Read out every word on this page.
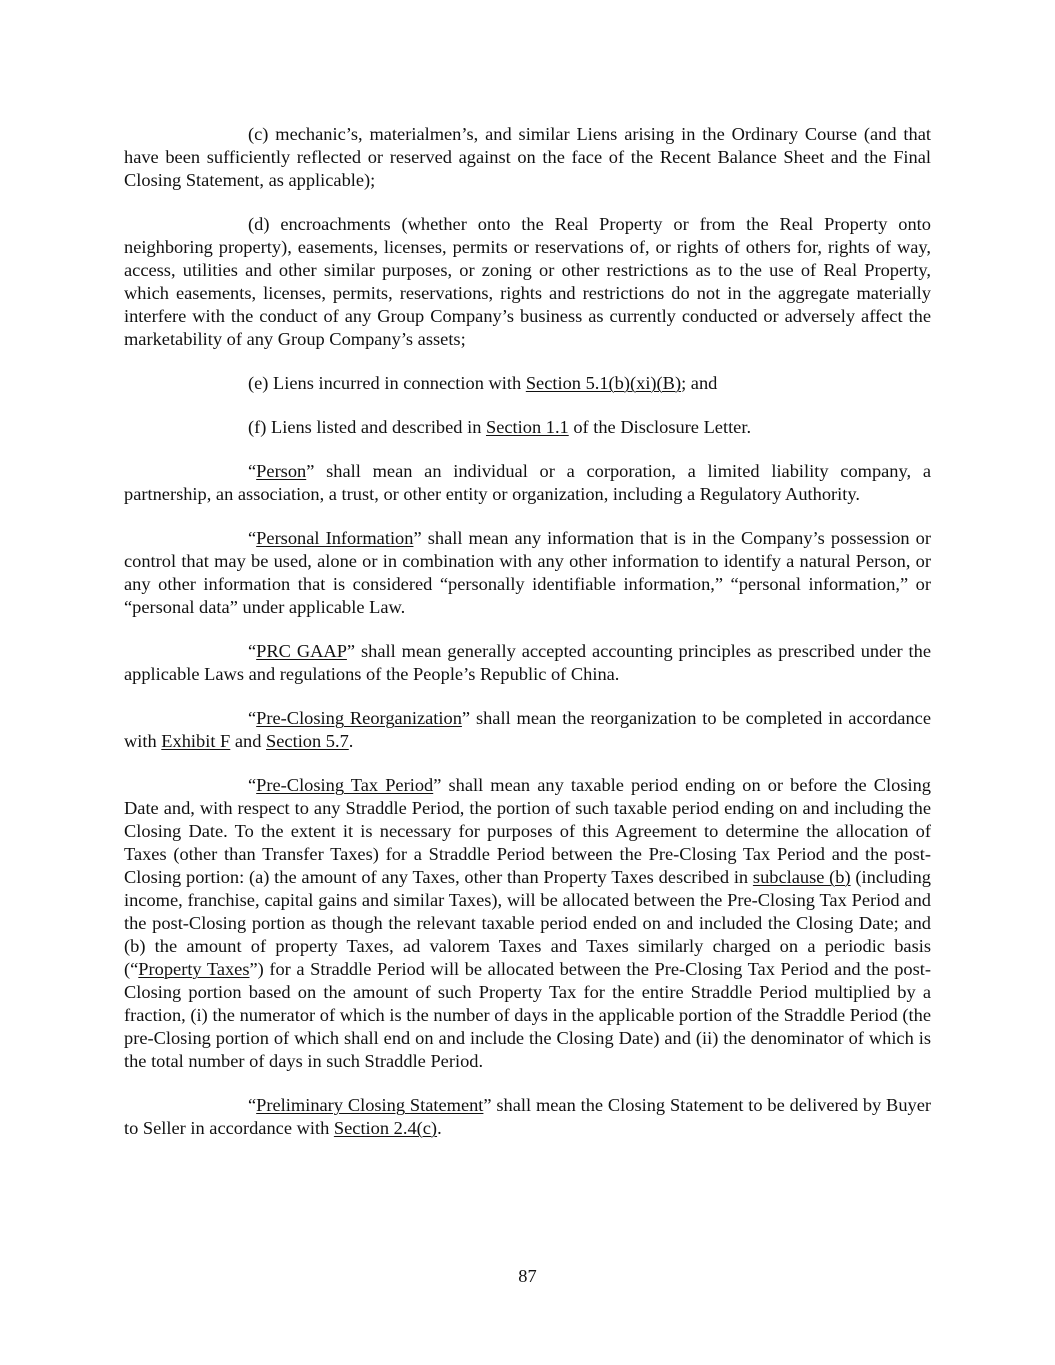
(c) mechanic’s, materialmen’s, and similar Liens arising in the Ordinary Course (and that have been sufficiently reflected or reserved against on the face of the Recent Balance Sheet and the Final Closing Statement, as applicable);

(d) encroachments (whether onto the Real Property or from the Real Property onto neighboring property), easements, licenses, permits or reservations of, or rights of others for, rights of way, access, utilities and other similar purposes, or zoning or other restrictions as to the use of Real Property, which easements, licenses, permits, reservations, rights and restrictions do not in the aggregate materially interfere with the conduct of any Group Company’s business as currently conducted or adversely affect the marketability of any Group Company’s assets;

(e) Liens incurred in connection with Section 5.1(b)(xi)(B); and

(f) Liens listed and described in Section 1.1 of the Disclosure Letter.

“Person” shall mean an individual or a corporation, a limited liability company, a partnership, an association, a trust, or other entity or organization, including a Regulatory Authority.

“Personal Information” shall mean any information that is in the Company’s possession or control that may be used, alone or in combination with any other information to identify a natural Person, or any other information that is considered “personally identifiable information,” “personal information,” or “personal data” under applicable Law.

“PRC GAAP” shall mean generally accepted accounting principles as prescribed under the applicable Laws and regulations of the People’s Republic of China.

“Pre-Closing Reorganization” shall mean the reorganization to be completed in accordance with Exhibit F and Section 5.7.

“Pre-Closing Tax Period” shall mean any taxable period ending on or before the Closing Date and, with respect to any Straddle Period, the portion of such taxable period ending on and including the Closing Date. To the extent it is necessary for purposes of this Agreement to determine the allocation of Taxes (other than Transfer Taxes) for a Straddle Period between the Pre-Closing Tax Period and the post-Closing portion: (a) the amount of any Taxes, other than Property Taxes described in subclause (b) (including income, franchise, capital gains and similar Taxes), will be allocated between the Pre-Closing Tax Period and the post-Closing portion as though the relevant taxable period ended on and included the Closing Date; and (b) the amount of property Taxes, ad valorem Taxes and Taxes similarly charged on a periodic basis (“Property Taxes”) for a Straddle Period will be allocated between the Pre-Closing Tax Period and the post-Closing portion based on the amount of such Property Tax for the entire Straddle Period multiplied by a fraction, (i) the numerator of which is the number of days in the applicable portion of the Straddle Period (the pre-Closing portion of which shall end on and include the Closing Date) and (ii) the denominator of which is the total number of days in such Straddle Period.

“Preliminary Closing Statement” shall mean the Closing Statement to be delivered by Buyer to Seller in accordance with Section 2.4(c).

87
